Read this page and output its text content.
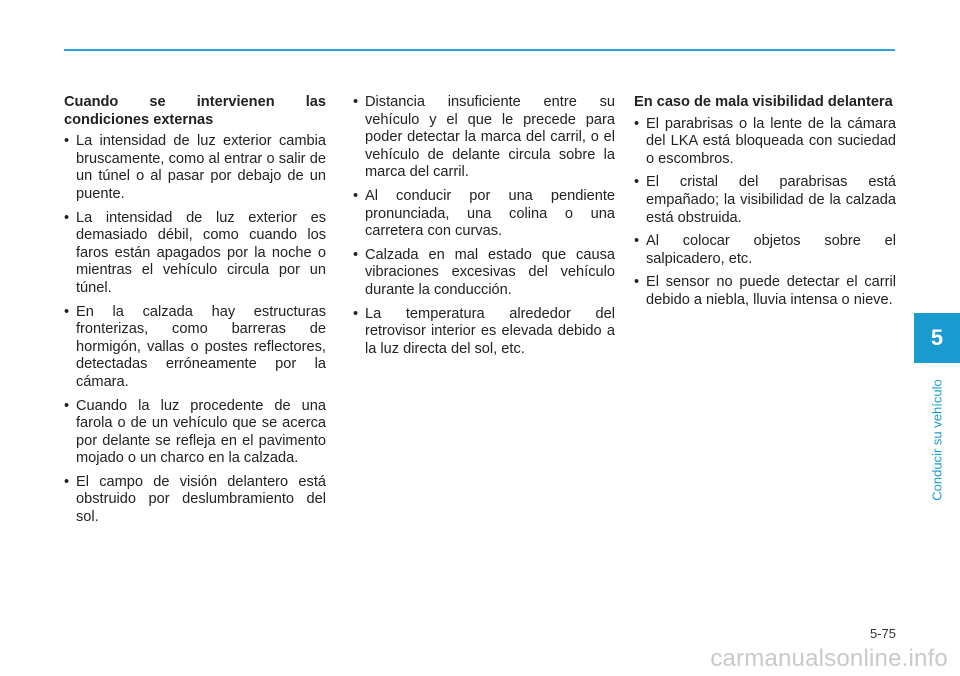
Cuando se intervienen las condiciones externas
• La intensidad de luz exterior cambia bruscamente, como al entrar o salir de un túnel o al pasar por debajo de un puente.
• La intensidad de luz exterior es demasiado débil, como cuando los faros están apagados por la noche o mientras el vehículo circula por un túnel.
• En la calzada hay estructuras fronterizas, como barreras de hormigón, vallas o postes reflectores, detectadas erróneamente por la cámara.
• Cuando la luz procedente de una farola o de un vehículo que se acerca por delante se refleja en el pavimento mojado o un charco en la calzada.
• El campo de visión delantero está obstruido por deslumbramiento del sol.
• Distancia insuficiente entre su vehículo y el que le precede para poder detectar la marca del carril, o el vehículo de delante circula sobre la marca del carril.
• Al conducir por una pendiente pronunciada, una colina o una carretera con curvas.
• Calzada en mal estado que causa vibraciones excesivas del vehículo durante la conducción.
• La temperatura alrededor del retrovisor interior es elevada debido a la luz directa del sol, etc.
En caso de mala visibilidad delantera
• El parabrisas o la lente de la cámara del LKA está bloqueada con suciedad o escombros.
• El cristal del parabrisas está empañado; la visibilidad de la calzada está obstruida.
• Al colocar objetos sobre el salpicadero, etc.
• El sensor no puede detectar el carril debido a niebla, lluvia intensa o nieve.
5
Conducir su vehículo
5-75
carmanualsonline.info
